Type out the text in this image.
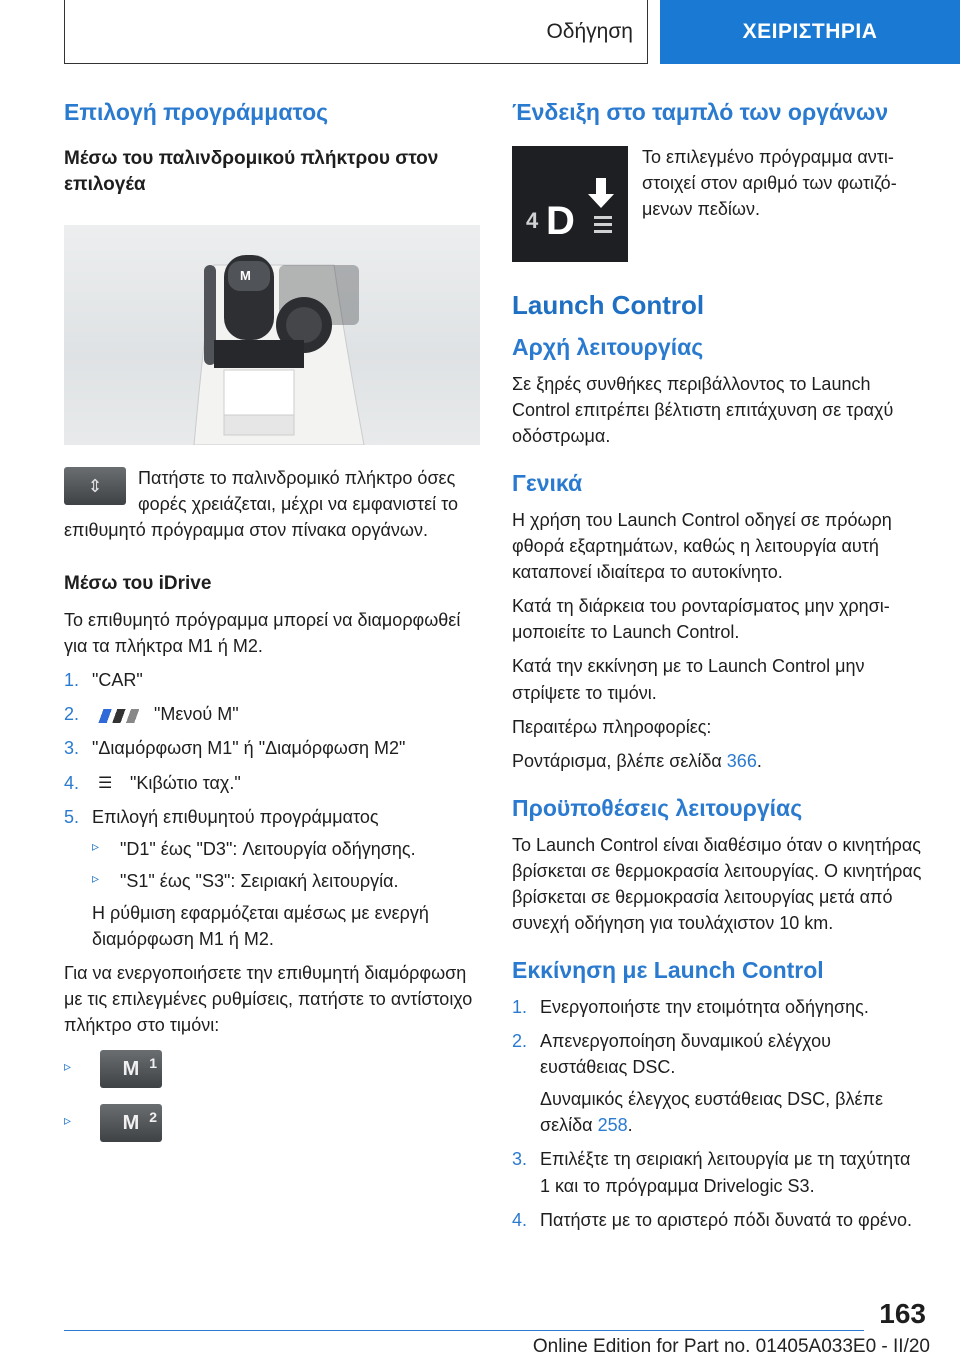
Οδήγηση	ΧΕΙΡΙΣΤΗΡΙΑ
Επιλογή προγράμματος
Μέσω του παλινδρομικού πλήκτρου στον επιλογέα
M
⇕	Πατήστε το παλινδρομικό πλήκτρο όσες φορές χρειάζεται, μέχρι να εμφανιστεί το επιθυμητό πρόγραμμα στον πίνακα οργάνων.

Μέσω του iDrive

Το επιθυμητό πρόγραμμα μπορεί να διαμορφωθεί για τα πλήκτρα M1 ή M2.

1. "CAR"
2.	"Μενού M"
3. "Διαμόρφωση M1" ή "Διαμόρφωση M2"
4. ☰ "Κιβώτιο ταχ."
5. Επιλογή επιθυμητού προγράμματος
▹ "D1" έως "D3": Λειτουργία οδήγησης.
▹ "S1" έως "S3": Σειριακή λειτουργία.
Η ρύθμιση εφαρμόζεται αμέσως με ενεργή διαμόρφωση M1 ή M2.

Για να ενεργοποιήσετε την επιθυμητή διαμόρφωση με τις επιλεγμένες ρυθμίσεις, πατήστε το αντίστοιχο πλήκτρο στο τιμόνι:

▹	M 1
▹	M 2
Ένδειξη στο ταμπλό των οργάνων
4 D

Το επιλεγμένο πρόγραμμα αντιστοιχεί στον αριθμό των φωτιζόμενων πεδίων.

Launch Control
Αρχή λειτουργίας

Σε ξηρές συνθήκες περιβάλλοντος το Launch Control επιτρέπει βέλτιστη επιτάχυνση σε τραχύ οδόστρωμα.

Γενικά

Η χρήση του Launch Control οδηγεί σε πρόωρη φθορά εξαρτημάτων, καθώς η λειτουργία αυτή καταπονεί ιδιαίτερα το αυτοκίνητο.

Κατά τη διάρκεια του ρονταρίσματος μην χρησιμοποιείτε το Launch Control.

Κατά την εκκίνηση με το Launch Control μην στρίψετε το τιμόνι.

Περαιτέρω πληροφορίες:

Ροντάρισμα, βλέπε σελίδα 366.

Προϋποθέσεις λειτουργίας

Το Launch Control είναι διαθέσιμο όταν ο κινητήρας βρίσκεται σε θερμοκρασία λειτουργίας. Ο κινητήρας βρίσκεται σε θερμοκρασία λειτουργίας μετά από συνεχή οδήγηση για τουλάχιστον 10 km.

Εκκίνηση με Launch Control
1. Ενεργοποιήστε την ετοιμότητα οδήγησης.
2. Απενεργοποίηση δυναμικού ελέγχου ευστάθειας DSC.
Δυναμικός έλεγχος ευστάθειας DSC, βλέπε σελίδα 258.
3. Επιλέξτε τη σειριακή λειτουργία με τη ταχύτητα 1 και το πρόγραμμα Drivelogic S3.
4. Πατήστε με το αριστερό πόδι δυνατά το φρένο.
163
Online Edition for Part no. 01405A033E0 - II/20
